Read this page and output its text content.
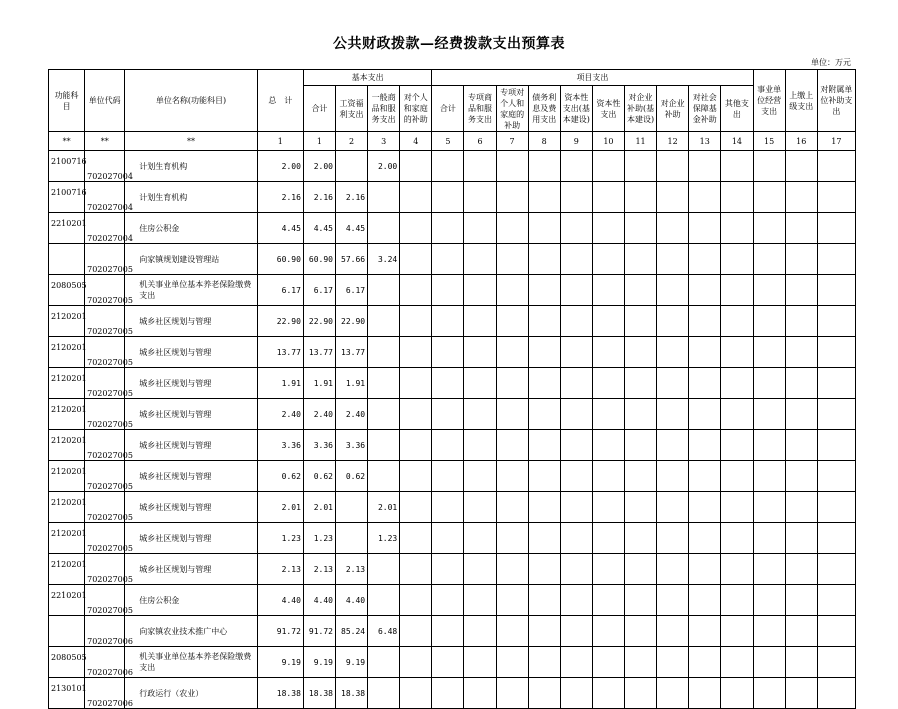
公共财政拨款—经费拨款支出预算表
单位：万元
功能科目	单位代码	单位名称(功能科目)	总　计	基本支出				项目支出										事业单位经营支出	上缴上级支出	对附属单位补助支出
				合计	工资福利支出	一般商品和服务支出	对个人和家庭的补助	合计	专项商品和服务支出	专项对个人和家庭的补助	债务利息及费用支出	资本性支出(基本建设)	资本性支出	对企业补助(基本建设)	对企业补助	对社会保障基金补助	其他支出			
**	**	**	1	1	2	3	4	5	6	7	8	9	10	11	12	13	14	15	16	17
2100716	702027004	计划生育机构	2.00	2.00		2.00														
2100716	702027004	计划生育机构	2.16	2.16	2.16															
2210201	702027004	住房公积金	4.45	4.45	4.45															
	702027005	向家镇规划建设管理站	60.90	60.90	57.66	3.24														
2080505	702027005	机关事业单位基本养老保险缴费支出	6.17	6.17	6.17															
2120201	702027005	城乡社区规划与管理	22.90	22.90	22.90															
2120201	702027005	城乡社区规划与管理	13.77	13.77	13.77															
2120201	702027005	城乡社区规划与管理	1.91	1.91	1.91															
2120201	702027005	城乡社区规划与管理	2.40	2.40	2.40															
2120201	702027005	城乡社区规划与管理	3.36	3.36	3.36															
2120201	702027005	城乡社区规划与管理	0.62	0.62	0.62															
2120201	702027005	城乡社区规划与管理	2.01	2.01		2.01														
2120201	702027005	城乡社区规划与管理	1.23	1.23		1.23														
2120201	702027005	城乡社区规划与管理	2.13	2.13	2.13															
2210201	702027005	住房公积金	4.40	4.40	4.40															
	702027006	向家镇农业技术推广中心	91.72	91.72	85.24	6.48														
2080505	702027006	机关事业单位基本养老保险缴费支出	9.19	9.19	9.19															
2130101	702027006	行政运行（农业）	18.38	18.38	18.38															
